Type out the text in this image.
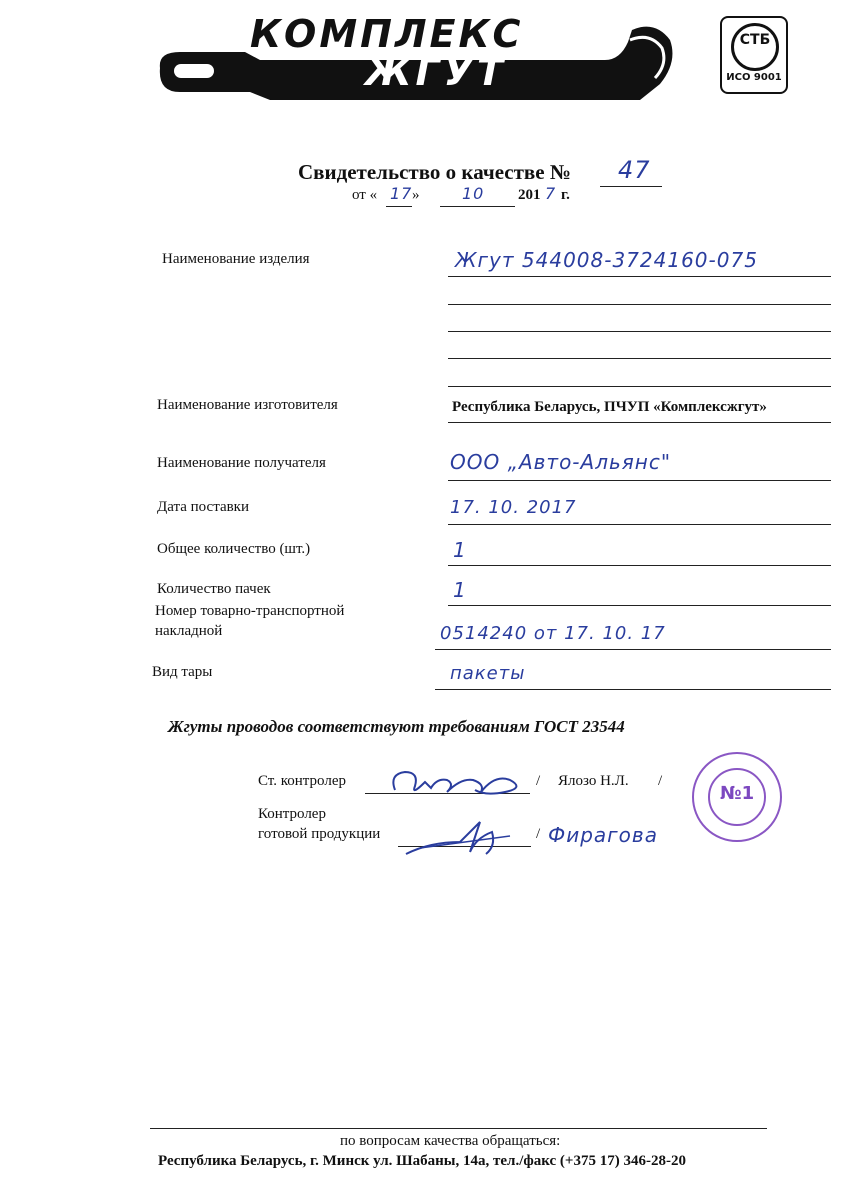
КОМПЛЕКС
ЖГУТ
СТБ
ИСО 9001
Свидетельство о качестве № 47
от « 17 »	10 201 7 г.
Наименование изделия	Жгут 544008-3724160-075
Наименование изготовителя	Республика Беларусь, ПЧУП «Комплексжгут»
Наименование получателя	ООО „Авто-Альянс"
Дата поставки	17. 10. 2017
Общее количество (шт.)	1
Количество пачек	1
Номер товарно-транспортной
накладной	0514240 от 17. 10. 17
Вид тары	пакеты
Жгуты проводов соответствуют требованиям ГОСТ 23544
Ст. контролер	/ Ялозо Н.Л. /
Контролер
готовой продукции	/ Фирагова
№1
по вопросам качества обращаться:
Республика Беларусь, г. Минск ул. Шабаны, 14а, тел./факс (+375 17) 346-28-20
